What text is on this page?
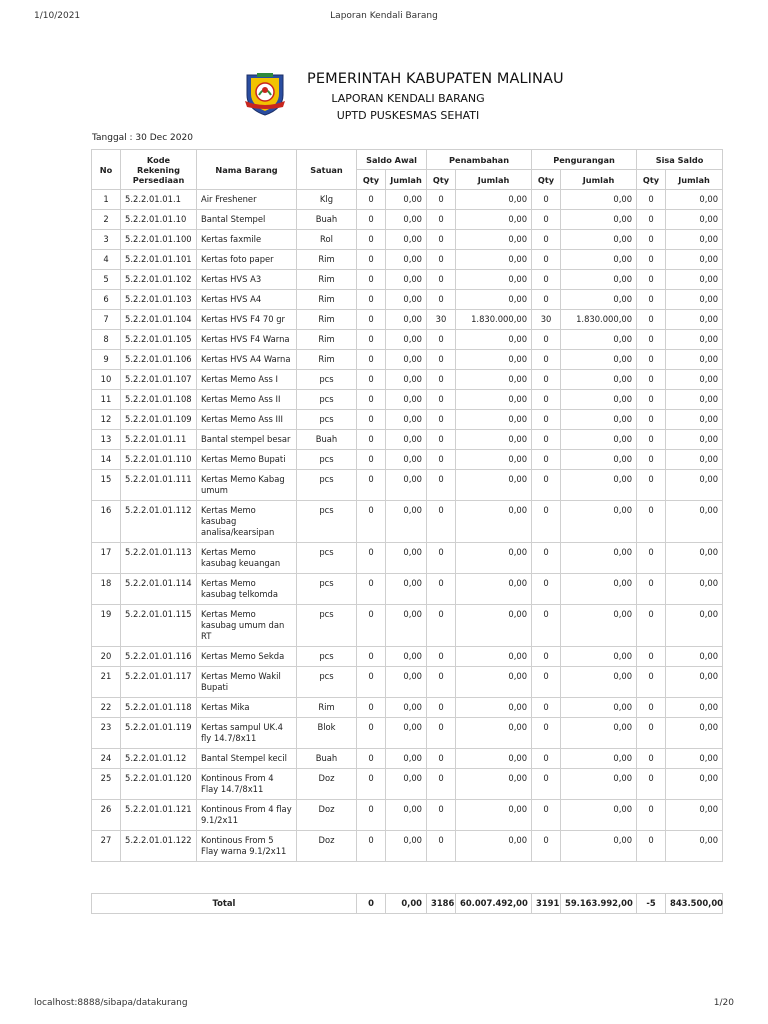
1/10/2021	Laporan Kendali Barang
PEMERINTAH KABUPATEN MALINAU
LAPORAN KENDALI BARANG
UPTD PUSKESMAS SEHATI
Tanggal : 30 Dec 2020
No	Kode Rekening Persediaan	Nama Barang	Satuan	Saldo Awal		Penambahan		Pengurangan		Sisa Saldo	
				Qty	Jumlah	Qty	Jumlah	Qty	Jumlah	Qty	Jumlah
1	5.2.2.01.01.1	Air Freshener	Klg	0	0,00	0	0,00	0	0,00	0	0,00
2	5.2.2.01.01.10	Bantal Stempel	Buah	0	0,00	0	0,00	0	0,00	0	0,00
3	5.2.2.01.01.100	Kertas faxmile	Rol	0	0,00	0	0,00	0	0,00	0	0,00
4	5.2.2.01.01.101	Kertas foto paper	Rim	0	0,00	0	0,00	0	0,00	0	0,00
5	5.2.2.01.01.102	Kertas HVS A3	Rim	0	0,00	0	0,00	0	0,00	0	0,00
6	5.2.2.01.01.103	Kertas HVS A4	Rim	0	0,00	0	0,00	0	0,00	0	0,00
7	5.2.2.01.01.104	Kertas HVS F4 70 gr	Rim	0	0,00	30	1.830.000,00	30	1.830.000,00	0	0,00
8	5.2.2.01.01.105	Kertas HVS F4 Warna	Rim	0	0,00	0	0,00	0	0,00	0	0,00
9	5.2.2.01.01.106	Kertas HVS A4 Warna	Rim	0	0,00	0	0,00	0	0,00	0	0,00
10	5.2.2.01.01.107	Kertas Memo Ass I	pcs	0	0,00	0	0,00	0	0,00	0	0,00
11	5.2.2.01.01.108	Kertas Memo Ass II	pcs	0	0,00	0	0,00	0	0,00	0	0,00
12	5.2.2.01.01.109	Kertas Memo Ass III	pcs	0	0,00	0	0,00	0	0,00	0	0,00
13	5.2.2.01.01.11	Bantal stempel besar	Buah	0	0,00	0	0,00	0	0,00	0	0,00
14	5.2.2.01.01.110	Kertas Memo Bupati	pcs	0	0,00	0	0,00	0	0,00	0	0,00
15	5.2.2.01.01.111	Kertas Memo Kabag umum	pcs	0	0,00	0	0,00	0	0,00	0	0,00
16	5.2.2.01.01.112	Kertas Memo kasubag analisa/kearsipan	pcs	0	0,00	0	0,00	0	0,00	0	0,00
17	5.2.2.01.01.113	Kertas Memo kasubag keuangan	pcs	0	0,00	0	0,00	0	0,00	0	0,00
18	5.2.2.01.01.114	Kertas Memo kasubag telkomda	pcs	0	0,00	0	0,00	0	0,00	0	0,00
19	5.2.2.01.01.115	Kertas Memo kasubag umum dan RT	pcs	0	0,00	0	0,00	0	0,00	0	0,00
20	5.2.2.01.01.116	Kertas Memo Sekda	pcs	0	0,00	0	0,00	0	0,00	0	0,00
21	5.2.2.01.01.117	Kertas Memo Wakil Bupati	pcs	0	0,00	0	0,00	0	0,00	0	0,00
22	5.2.2.01.01.118	Kertas Mika	Rim	0	0,00	0	0,00	0	0,00	0	0,00
23	5.2.2.01.01.119	Kertas sampul UK.4 fly 14.7/8x11	Blok	0	0,00	0	0,00	0	0,00	0	0,00
24	5.2.2.01.01.12	Bantal Stempel kecil	Buah	0	0,00	0	0,00	0	0,00	0	0,00
25	5.2.2.01.01.120	Kontinous From 4 Flay 14.7/8x11	Doz	0	0,00	0	0,00	0	0,00	0	0,00
26	5.2.2.01.01.121	Kontinous From 4 flay 9.1/2x11	Doz	0	0,00	0	0,00	0	0,00	0	0,00
27	5.2.2.01.01.122	Kontinous From 5 Flay warna 9.1/2x11	Doz	0	0,00	0	0,00	0	0,00	0	0,00
Total	0	0,00	3186	60.007.492,00	3191	59.163.992,00	-5	843.500,00
localhost:8888/sibapa/datakurang	1/20
